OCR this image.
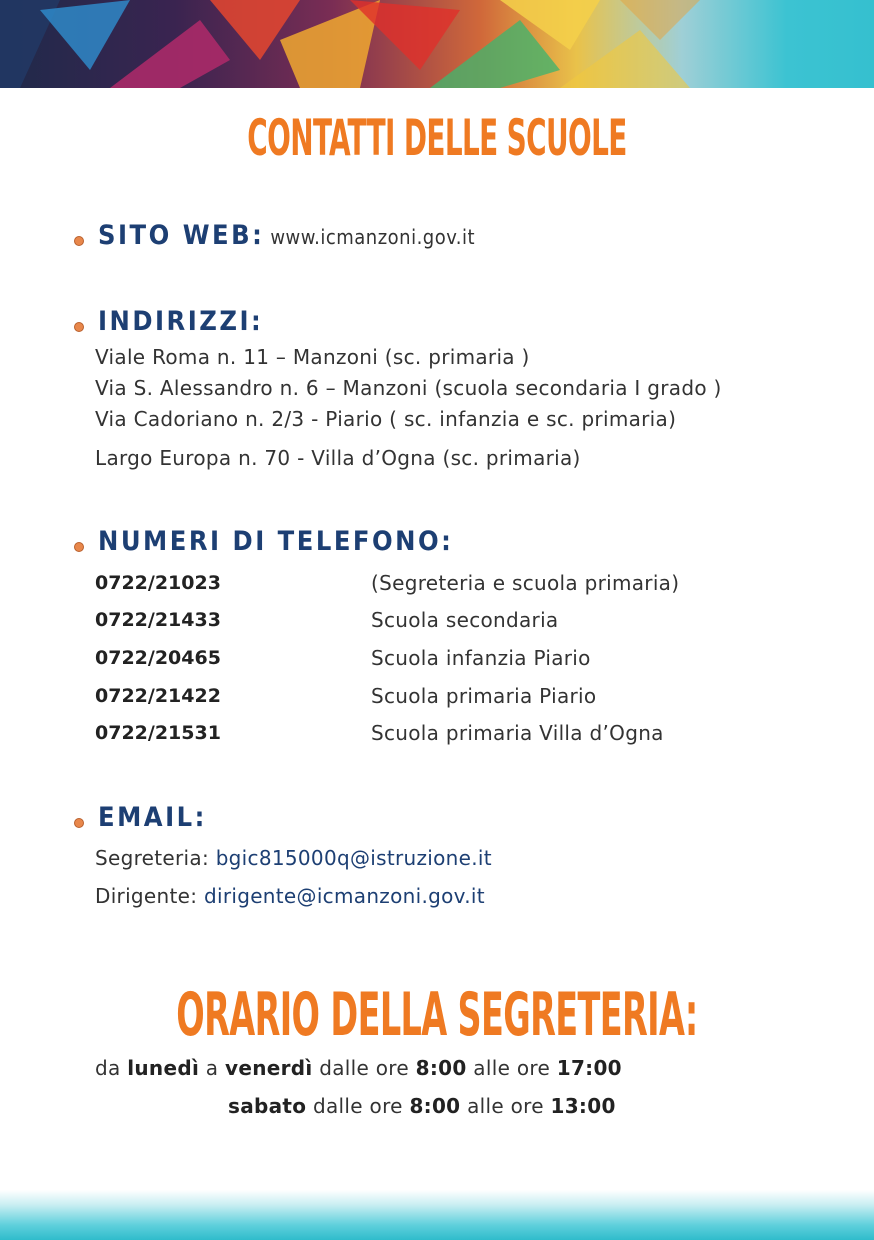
CONTATTI DELLE SCUOLE
SITO WEB: www.icmanzoni.gov.it
INDIRIZZI:
Viale Roma n. 11 – Manzoni (sc. primaria )
Via S. Alessandro n. 6 – Manzoni (scuola secondaria I grado )
Via Cadoriano n. 2/3 - Piario ( sc. infanzia e sc. primaria)
Largo Europa n. 70 - Villa d’Ogna (sc. primaria)
NUMERI DI TELEFONO:
0722/21023	(Segreteria e scuola primaria)
0722/21433	Scuola secondaria
0722/20465	Scuola infanzia Piario
0722/21422	Scuola primaria Piario
0722/21531	Scuola primaria Villa d’Ogna
EMAIL:
Segreteria: bgic815000q@istruzione.it
Dirigente: dirigente@icmanzoni.gov.it
ORARIO DELLA SEGRETERIA:
da lunedì a venerdì dalle ore 8:00 alle ore 17:00
sabato dalle ore 8:00 alle ore 13:00
